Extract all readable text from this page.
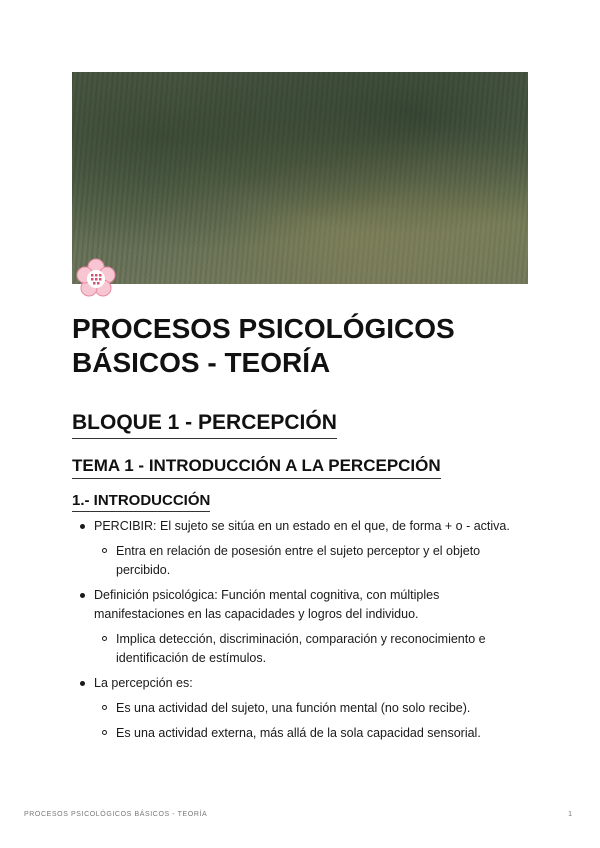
PROCESOS PSICOLÓGICOS BÁSICOS - TEORÍA
BLOQUE 1 - PERCEPCIÓN
TEMA 1 - INTRODUCCIÓN A LA PERCEPCIÓN
1.- INTRODUCCIÓN
PERCIBIR: El sujeto se sitúa en un estado en el que, de forma + o - activa.
Entra en relación de posesión entre el sujeto perceptor y el objeto percibido.
Definición psicológica: Función mental cognitiva, con múltiples manifestaciones en las capacidades y logros del individuo.
Implica detección, discriminación, comparación y reconocimiento e identificación de estímulos.
La percepción es:
Es una actividad del sujeto, una función mental (no solo recibe).
Es una actividad externa, más allá de la sola capacidad sensorial.
PROCESOS PSICOLÓGICOS BÁSICOS - TEORÍA	1
